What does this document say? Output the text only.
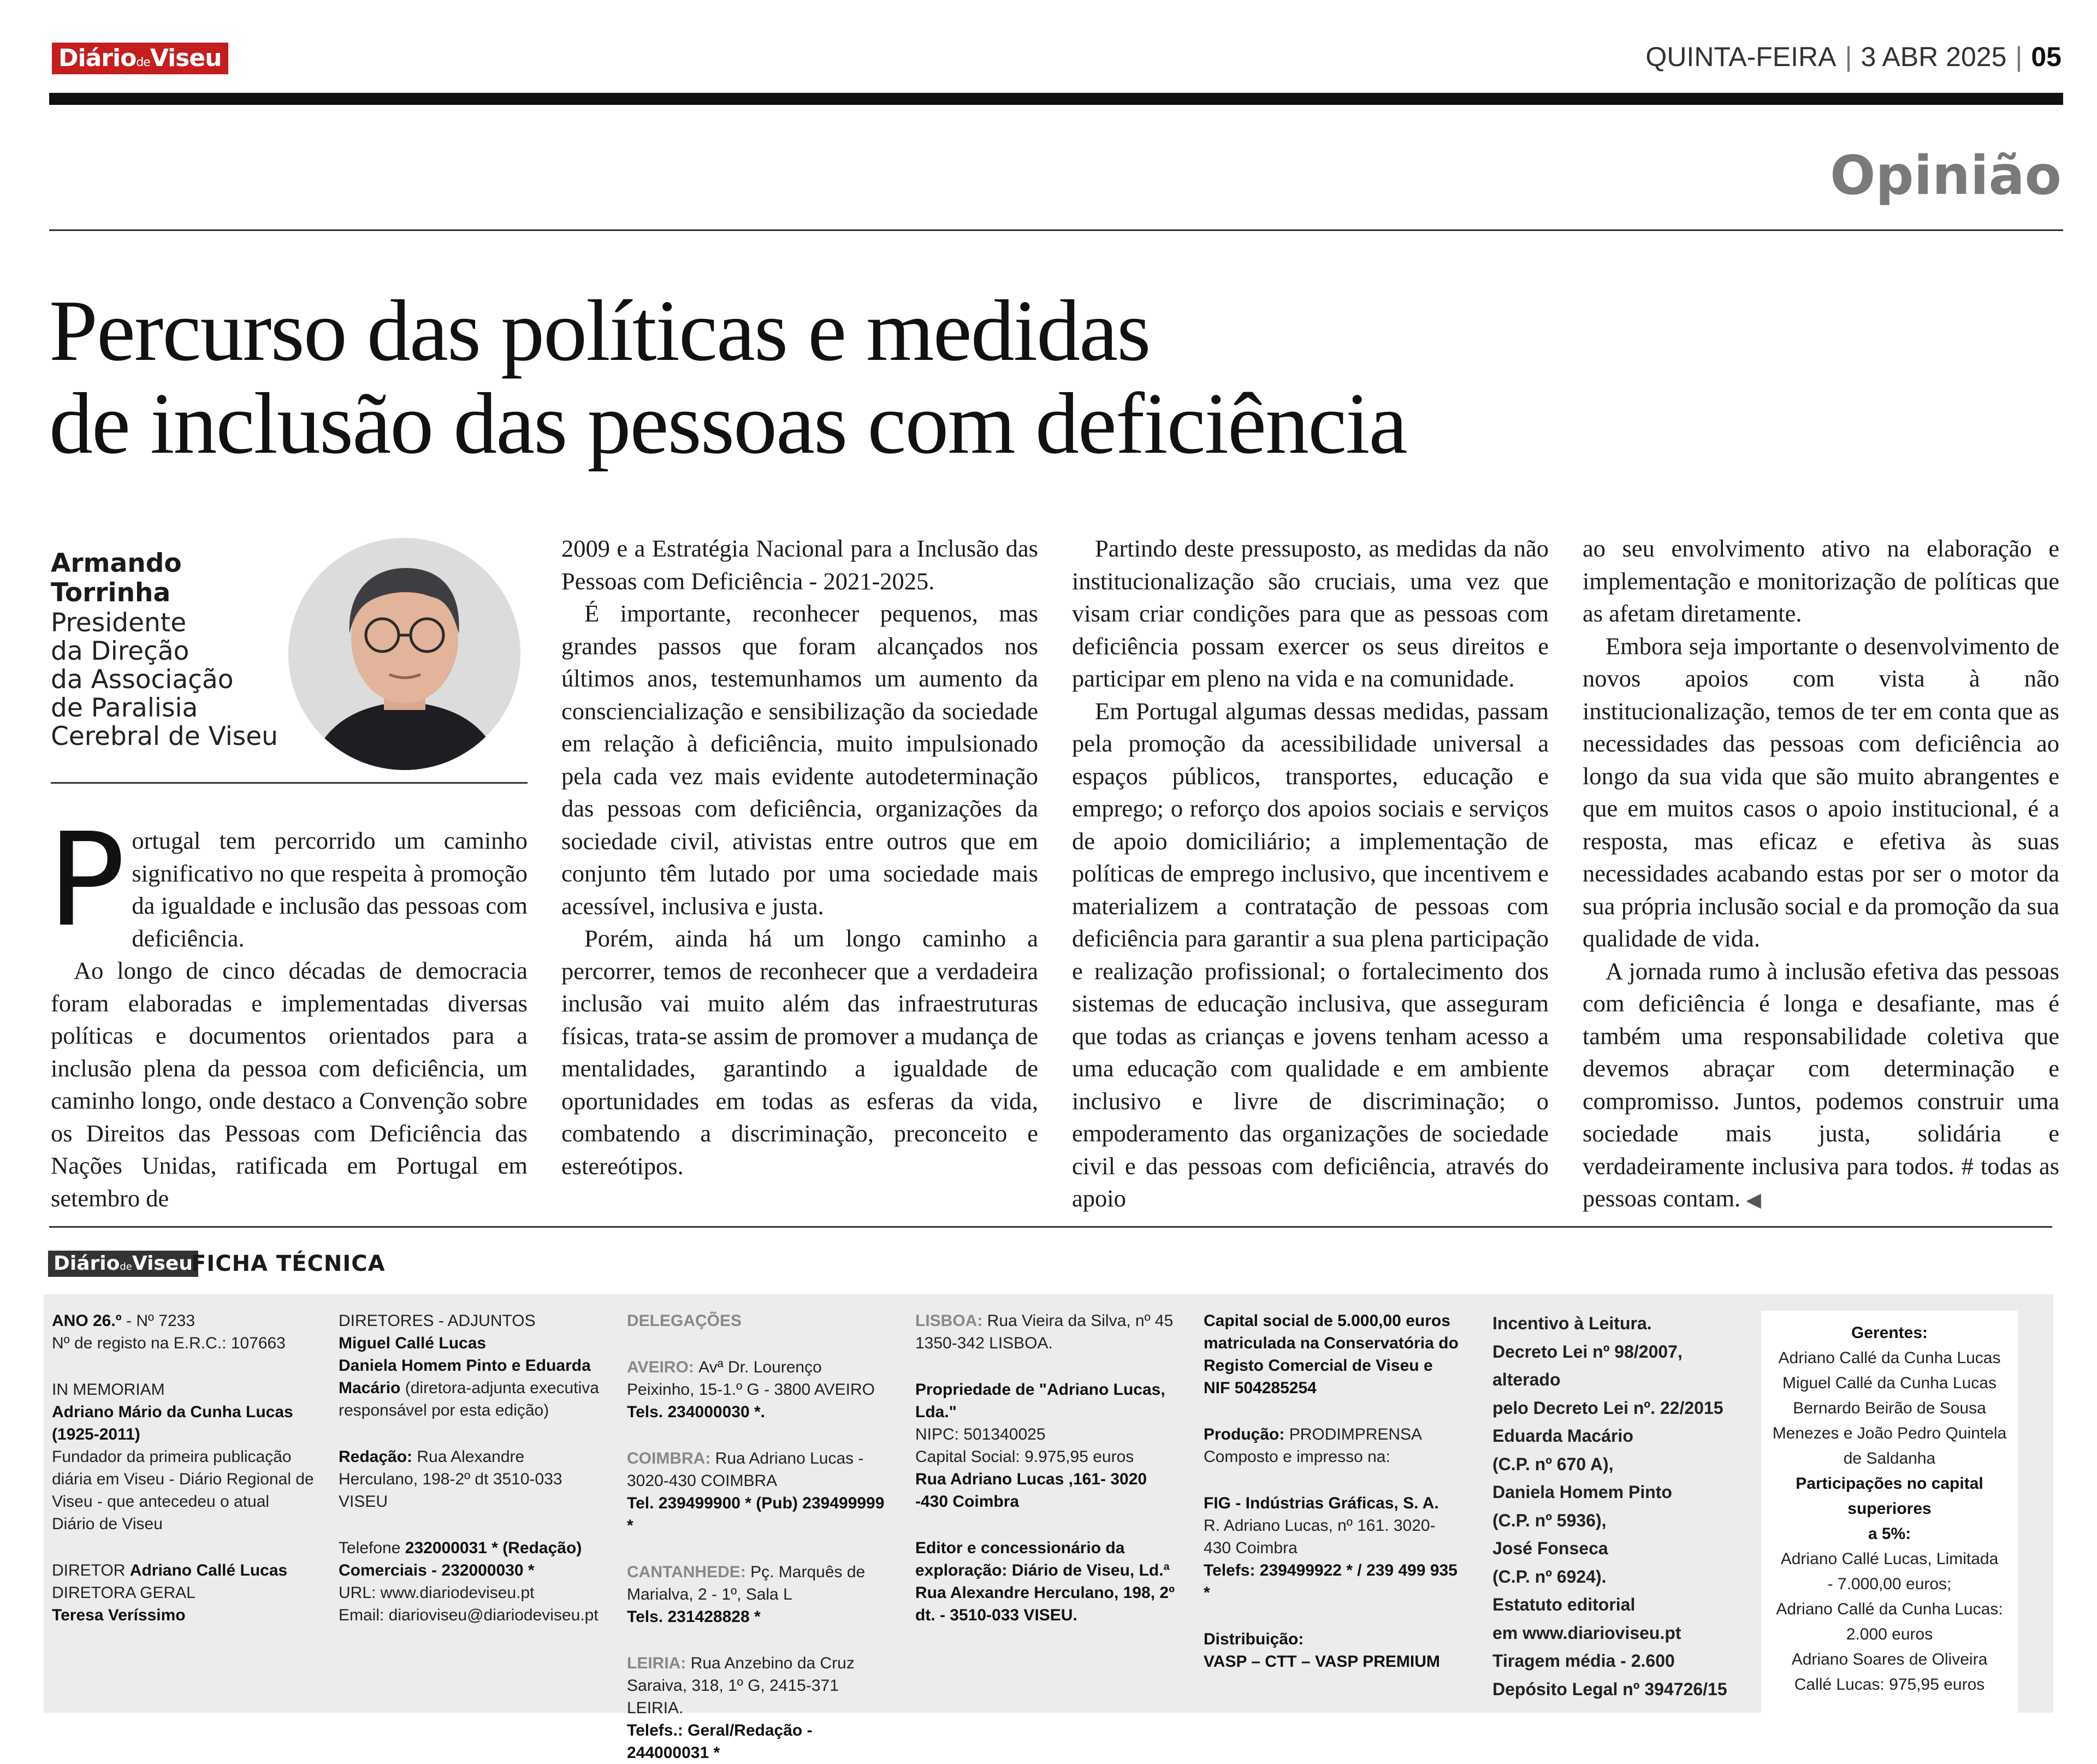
DiáriodeViseu	QUINTA-FEIRA | 3 ABR 2025 | 05
Opinião
Percurso das políticas e medidas
de inclusão das pessoas com deficiência
Armando
Torrinha
Presidente
da Direção
da Associação
de Paralisia
Cerebral de Viseu

Portugal tem percorrido um caminho significativo no que respeita à promoção da igualdade e inclusão das pessoas com deficiência.

Ao longo de cinco décadas de democracia foram elaboradas e implementadas diversas políticas e documentos orientados para a inclusão plena da pessoa com deficiência, um caminho longo, onde destaco a Convenção sobre os Direitos das Pessoas com Deficiência das Nações Unidas, ratificada em Portugal em setembro de

2009 e a Estratégia Nacional para a Inclusão das Pessoas com Deficiência - 2021-2025.

É importante, reconhecer pequenos, mas grandes passos que foram alcançados nos últimos anos, testemunhamos um aumento da consciencialização e sensibilização da sociedade em relação à deficiência, muito impulsionado pela cada vez mais evidente autodeterminação das pessoas com deficiência, organizações da sociedade civil, ativistas entre outros que em conjunto têm lutado por uma sociedade mais acessível, inclusiva e justa.

Porém, ainda há um longo caminho a percorrer, temos de reconhecer que a verdadeira inclusão vai muito além das infraestruturas físicas, trata-se assim de promover a mudança de mentalidades, garantindo a igualdade de oportunidades em todas as esferas da vida, combatendo a discriminação, preconceito e estereótipos.

Partindo deste pressuposto, as medidas da não institucionalização são cruciais, uma vez que visam criar condições para que as pessoas com deficiência possam exercer os seus direitos e participar em pleno na vida e na comunidade.

Em Portugal algumas dessas medidas, passam pela promoção da acessibilidade universal a espaços públicos, transportes, educação e emprego; o reforço dos apoios sociais e serviços de apoio domiciliário; a implementação de políticas de emprego inclusivo, que incentivem e materializem a contratação de pessoas com deficiência para garantir a sua plena participação e realização profissional; o fortalecimento dos sistemas de educação inclusiva, que asseguram que todas as crianças e jovens tenham acesso a uma educação com qualidade e em ambiente inclusivo e livre de discriminação; o empoderamento das organizações de sociedade civil e das pessoas com deficiência, através do apoio

ao seu envolvimento ativo na elaboração e implementação e monitorização de políticas que as afetam diretamente.

Embora seja importante o desenvolvimento de novos apoios com vista à não institucionalização, temos de ter em conta que as necessidades das pessoas com deficiência ao longo da sua vida que são muito abrangentes e que em muitos casos o apoio institucional, é a resposta, mas eficaz e efetiva às suas necessidades acabando estas por ser o motor da sua própria inclusão social e da promoção da sua qualidade de vida.

A jornada rumo à inclusão efetiva das pessoas com deficiência é longa e desafiante, mas é também uma responsabilidade coletiva que devemos abraçar com determinação e compromisso. Juntos, podemos construir uma sociedade mais justa, solidária e verdadeiramente inclusiva para todos. # todas as pessoas contam. ◀

DiáriodeViseu
FICHA TÉCNICA
ANO 26.º - Nº 7233
Nº de registo na E.R.C.: 107663
IN MEMORIAM
Adriano Mário da Cunha Lucas
(1925-2011)
Fundador da primeira publicação diária em Viseu - Diário Regional de Viseu - que antecedeu o atual Diário de Viseu
DIRETOR Adriano Callé Lucas
DIRETORA GERAL
Teresa Veríssimo
DIRETORES - ADJUNTOS
Miguel Callé Lucas
Daniela Homem Pinto e Eduarda Macário (diretora-adjunta executiva responsável por esta edição)
Redação: Rua Alexandre Herculano, 198-2º dt 3510-033 VISEU
Telefone 232000031 * (Redação)
Comerciais - 232000030 *
URL: www.diariodeviseu.pt
Email: diarioviseu@diariodeviseu.pt
DELEGAÇÕES
AVEIRO: Avª Dr. Lourenço Peixinho, 15-1.º G - 3800 AVEIRO
Tels. 234000030 *.
COIMBRA: Rua Adriano Lucas - 3020-430 COIMBRA
Tel. 239499900 * (Pub) 239499999 *
CANTANHEDE: Pç. Marquês de Marialva, 2 - 1º, Sala L
Tels. 231428828 *
LEIRIA: Rua Anzebino da Cruz Saraiva, 318, 1º G, 2415-371 LEIRIA.
Telefs.: Geral/Redação - 244000031 *
LISBOA: Rua Vieira da Silva, nº 45 1350-342 LISBOA.
Propriedade de "Adriano Lucas, Lda."
NIPC: 501340025
Capital Social: 9.975,95 euros
Rua Adriano Lucas ,161- 3020 -430 Coimbra
Editor e concessionário da exploração: Diário de Viseu, Ld.ª Rua Alexandre Herculano, 198, 2º dt. - 3510-033 VISEU.
Capital social de 5.000,00 euros matriculada na Conservatória do Registo Comercial de Viseu e NIF 504285254
Produção: PRODIMPRENSA
Composto e impresso na:
FIG - Indústrias Gráficas, S. A.
R. Adriano Lucas, nº 161. 3020-430 Coimbra
Telefs: 239499922 * / 239 499 935 *
Distribuição:
VASP – CTT – VASP PREMIUM
Incentivo à Leitura.
Decreto Lei nº 98/2007,
alterado
pelo Decreto Lei nº. 22/2015
Eduarda Macário
(C.P. nº 670 A),
Daniela Homem Pinto
(C.P. nº 5936),
José Fonseca
(C.P. nº 6924).
Estatuto editorial
em www.diarioviseu.pt
Tiragem média - 2.600
Depósito Legal nº 394726/15
Gerentes:
Adriano Callé da Cunha Lucas
Miguel Callé da Cunha Lucas
Bernardo Beirão de Sousa
Menezes e João Pedro Quintela
de Saldanha
Participações no capital superiores
a 5%:
Adriano Callé Lucas, Limitada
- 7.000,00 euros;
Adriano Callé da Cunha Lucas:
2.000 euros
Adriano Soares de Oliveira
Callé Lucas: 975,95 euros
